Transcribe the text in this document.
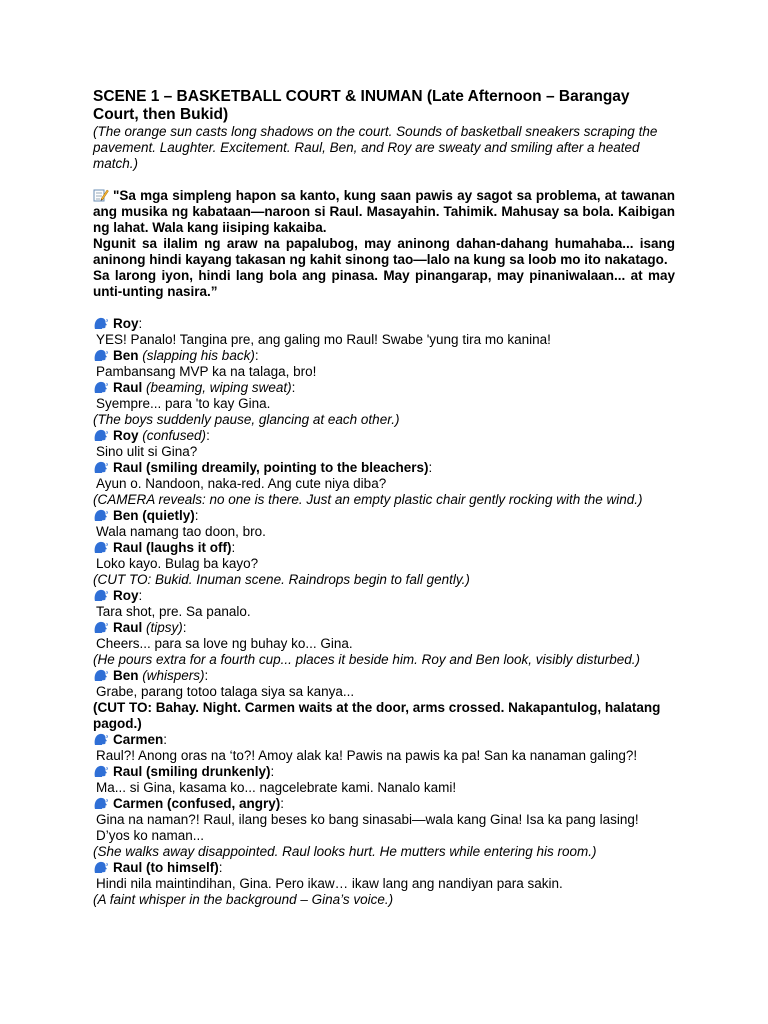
SCENE 1 – BASKETBALL COURT & INUMAN (Late Afternoon – Barangay Court, then Bukid)

(The orange sun casts long shadows on the court. Sounds of basketball sneakers scraping the pavement. Laughter. Excitement. Raul, Ben, and Roy are sweaty and smiling after a heated match.)
"Sa mga simpleng hapon sa kanto, kung saan pawis ay sagot sa problema, at tawanan ang musika ng kabataan—naroon si Raul. Masayahin. Tahimik. Mahusay sa bola. Kaibigan ng lahat. Wala kang iisiping kakaiba.
Ngunit sa ilalim ng araw na papalubog, may aninong dahan-dahang humahaba... isang aninong hindi kayang takasan ng kahit sinong tao—lalo na kung sa loob mo ito nakatago.
Sa larong iyon, hindi lang bola ang pinasa. May pinangarap, may pinaniwalaan... at may unti-unting nasira.”
Roy:
YES! Panalo! Tangina pre, ang galing mo Raul! Swabe 'yung tira mo kanina!
Ben (slapping his back):
Pambansang MVP ka na talaga, bro!
Raul (beaming, wiping sweat):
Syempre... para 'to kay Gina.
(The boys suddenly pause, glancing at each other.)
Roy (confused):
Sino ulit si Gina?
Raul (smiling dreamily, pointing to the bleachers):
Ayun o. Nandoon, naka-red. Ang cute niya diba?
(CAMERA reveals: no one is there. Just an empty plastic chair gently rocking with the wind.)
Ben (quietly):
Wala namang tao doon, bro.
Raul (laughs it off):
Loko kayo. Bulag ba kayo?
(CUT TO: Bukid. Inuman scene. Raindrops begin to fall gently.)
Roy:
Tara shot, pre. Sa panalo.
Raul (tipsy):
Cheers... para sa love ng buhay ko... Gina.
(He pours extra for a fourth cup... places it beside him. Roy and Ben look, visibly disturbed.)
Ben (whispers):
Grabe, parang totoo talaga siya sa kanya...
(CUT TO: Bahay. Night. Carmen waits at the door, arms crossed. Nakapantulog, halatang pagod.)
Carmen:
Raul?! Anong oras na ‘to?! Amoy alak ka! Pawis na pawis ka pa! San ka nanaman galing?!
Raul (smiling drunkenly):
Ma... si Gina, kasama ko... nagcelebrate kami. Nanalo kami!
Carmen (confused, angry):
Gina na naman?! Raul, ilang beses ko bang sinasabi—wala kang Gina! Isa ka pang lasing! D’yos ko naman...
(She walks away disappointed. Raul looks hurt. He mutters while entering his room.)
Raul (to himself):
Hindi nila maintindihan, Gina. Pero ikaw… ikaw lang ang nandiyan para sakin.
(A faint whisper in the background – Gina’s voice.)
